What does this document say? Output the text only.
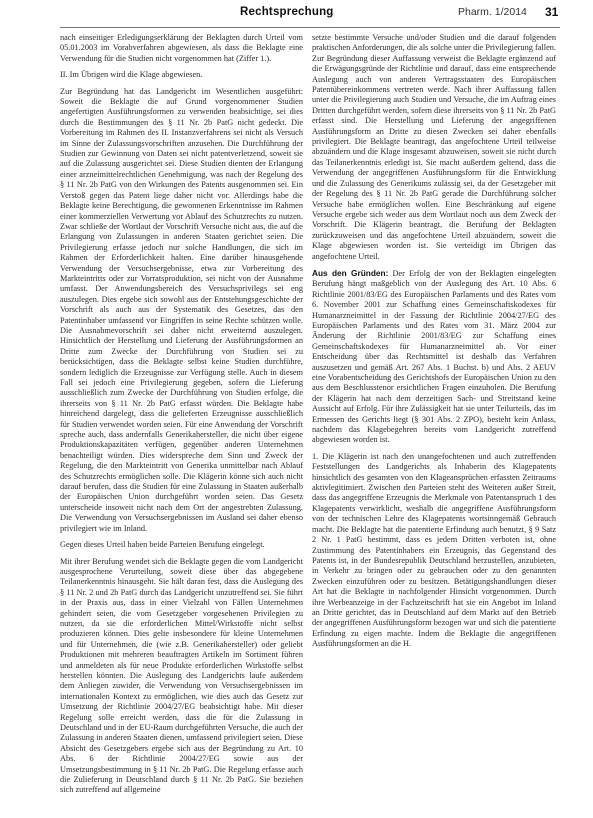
Rechtsprechung	Pharm. 1/2014 31

nach einseitiger Erledigungserklärung der Beklagten durch Urteil vom 05.01.2003 im Vorabverfahren abgewiesen, als dass die Beklagte eine Verwendung für die Studien nicht vorgenommen hat (Ziffer 1.).

II. Im Übrigen wird die Klage abgewiesen.

Zur Begründung hat das Landgericht im Wesentlichen ausgeführt: Soweit die Beklagte die auf Grund vorgenommener Studien angefertigten Ausführungsformen zu verwenden beabsichtige, sei dies durch die Bestimmungen des § 11 Nr. 2b PatG nicht gedeckt. Die Vorbereitung im Rahmen des II. Instanzverfahrens sei nicht als Versuch im Sinne der Zulassungsvorschriften anzusehen. Die Durchführung der Studien zur Gewinnung von Daten sei nicht patentverletzend, soweit sie auf die Zulassung ausgerichtet sei. Diese Studien dienten der Erlangung einer arzneimittelrechtlichen Genehmigung, was nach der Regelung des § 11 Nr. 2b PatG von den Wirkungen des Patents ausgenommen sei. Ein Verstoß gegen das Patent liege daher nicht vor. Allerdings habe die Beklagte keine Berechtigung, die gewonnenen Erkenntnisse im Rahmen einer kommerziellen Verwertung vor Ablauf des Schutzrechts zu nutzen. Zwar schließe der Wortlaut der Vorschrift Versuche nicht aus, die auf die Erlangung von Zulassungen in anderen Staaten gerichtet seien. Die Privilegierung erfasse jedoch nur solche Handlungen, die sich im Rahmen der Erforderlichkeit halten. Eine darüber hinausgehende Verwendung der Versuchsergebnisse, etwa zur Vorbereitung des Markteintritts oder zur Vorratsproduktion, sei nicht von der Ausnahme umfasst. Der Anwendungsbereich des Versuchsprivilegs sei eng auszulegen. Dies ergebe sich sowohl aus der Entstehungsgeschichte der Vorschrift als auch aus der Systematik des Gesetzes, das den Patentinhaber umfassend vor Eingriffen in seine Rechte schützen wolle. Die Ausnahmevorschrift sei daher nicht erweiternd auszulegen. Hinsichtlich der Herstellung und Lieferung der Ausführungsformen an Dritte zum Zwecke der Durchführung von Studien sei zu berücksichtigen, dass die Beklagte selbst keine Studien durchführe, sondern lediglich die Erzeugnisse zur Verfügung stelle. Auch in diesem Fall sei jedoch eine Privilegierung gegeben, sofern die Lieferung ausschließlich zum Zwecke der Durchführung von Studien erfolge, die ihrerseits von § 11 Nr. 2b PatG erfasst würden. Die Beklagte habe hinreichend dargelegt, dass die gelieferten Erzeugnisse ausschließlich für Studien verwendet worden seien. Für eine Anwendung der Vorschrift spreche auch, dass andernfalls Generikahersteller, die nicht über eigene Produktionskapazitäten verfügen, gegenüber anderen Unternehmen benachteiligt würden. Dies widerspreche dem Sinn und Zweck der Regelung, die den Markteintritt von Generika unmittelbar nach Ablauf des Schutzrechts ermöglichen solle. Die Klägerin könne sich auch nicht darauf berufen, dass die Studien für eine Zulassung in Staaten außerhalb der Europäischen Union durchgeführt worden seien. Das Gesetz unterscheide insoweit nicht nach dem Ort der angestrebten Zulassung. Die Verwendung von Versuchsergebnissen im Ausland sei daher ebenso privilegiert wie im Inland.

Gegen dieses Urteil haben beide Parteien Berufung eingelegt.

Mit ihrer Berufung wendet sich die Beklagte gegen die vom Landgericht ausgesprochene Verurteilung, soweit diese über das abgegebene Teilanerkenntnis hinausgeht. Sie hält daran fest, dass die Auslegung des § 11 Nr. 2 und 2b PatG durch das Landgericht unzutreffend sei. Sie führt in der Praxis aus, dass in einer Vielzahl von Fällen Unternehmen gehindert seien, die vom Gesetzgeber vorgesehenen Privilegien zu nutzen, da sie die erforderlichen Mittel/Wirkstoffe nicht selbst produzieren können. Dies gelte insbesondere für kleine Unternehmen und für Unternehmen, die (wie z.B. Generikahersteller) oder geliebt Produktionen mit mehreren beauftragten Artikeln im Sortiment führen und anmeldeten als für neue Produkte erforderlichen Wirkstoffe selbst herstellen könnten. Die Auslegung des Landgerichts laufe außerdem dem Anliegen zuwider, die Verwendung von Versuchsergebnissen im internationalen Kontext zu ermöglichen, wie dies auch das Gesetz zur Umsetzung der Richtlinie 2004/27/EG beabsichtigt habe. Mit dieser Regelung solle erreicht werden, dass die für die Zulassung in Deutschland und in der EU-Raum durchgeführten Versuche, die auch der Zulassung in anderen Staaten dienen, umfassend privilegiert seien. Diese Absicht des Gesetzgebers ergebe sich aus der Begründung zu Art. 10 Abs. 6 der Richtlinie 2004/27/EG sowie aus der Umsetzungsbestimmung in § 11 Nr. 2b PatG. Die Regelung erfasse auch die Zulieferung in Deutschland durch § 11 Nr. 2b PatG. Sie beziehen sich zutreffend auf allgemeine

setzte bestimmte Versuche und/oder Studien und die darauf folgenden praktischen Anforderungen, die als solche unter die Privilegierung fallen. Zur Begründung dieser Auffassung verweist die Beklagte ergänzend auf die Erwägungsgründe der Richtlinie und darauf, dass eine entsprechende Auslegung auch von anderen Vertragsstaaten des Europäischen Patentübereinkommens vertreten werde. Nach ihrer Auffassung fallen unter die Privilegierung auch Studien und Versuche, die im Auftrag eines Dritten durchgeführt werden, sofern diese ihrerseits von § 11 Nr. 2b PatG erfasst sind. Die Herstellung und Lieferung der angegriffenen Ausführungsform an Dritte zu diesen Zwecken sei daher ebenfalls privilegiert. Die Beklagte beantragt, das angefochtene Urteil teilweise abzuändern und die Klage insgesamt abzuweisen, soweit sie nicht durch das Teilanerkenntnis erledigt ist. Sie macht außerdem geltend, dass die Verwendung der angegriffenen Ausführungsform für die Entwicklung und die Zulassung des Generikums zulässig sei, da der Gesetzgeber mit der Regelung des § 11 Nr. 2b PatG gerade die Durchführung solcher Versuche habe ermöglichen wollen. Eine Beschränkung auf eigene Versuche ergebe sich weder aus dem Wortlaut noch aus dem Zweck der Vorschrift. Die Klägerin beantragt, die Berufung der Beklagten zurückzuweisen und das angefochtene Urteil abzuändern, soweit die Klage abgewiesen worden ist. Sie verteidigt im Übrigen das angefochtene Urteil.

Aus den Gründen: Der Erfolg der von der Beklagten eingelegten Berufung hängt maßgeblich von der Auslegung des Art. 10 Abs. 6 Richtlinie 2001/83/EG des Europäischen Parlaments und des Rates vom 6. November 2001 zur Schaffung eines Gemeinschaftskodexes für Humanarzneimittel in der Fassung der Richtlinie 2004/27/EG des Europäischen Parlaments und des Rates vom 31. März 2004 zur Änderung der Richtlinie 2001/83/EG zur Schaffung eines Gemeinschaftskodexes für Humanarzneimittel ab. Vor einer Entscheidung über das Rechtsmittel ist deshalb das Verfahren auszusetzen und gemäß Art. 267 Abs. 1 Buchst. b) und Abs. 2 AEUV eine Vorabentscheidung des Gerichtshofs der Europäischen Union zu den aus dem Beschlusstenor ersichtlichen Fragen einzuholen. Die Berufung der Klägerin hat nach dem derzeitigen Sach- und Streitstand keine Aussicht auf Erfolg. Für ihre Zulässigkeit hat sie unter Teilurteils, das im Ermessen des Gerichts liegt (§ 301 Abs. 2 ZPO), besteht kein Anlass, nachdem das Klagebegehren bereits vom Landgericht zutreffend abgewiesen worden ist.

1. Die Klägerin ist nach den unangefochtenen und auch zutreffenden Feststellungen des Landgerichts als Inhaberin des Klagepatents hinsichtlich des gesamten von den Klageansprüchen erfassten Zeitraums aktivlegitimiert. Zwischen den Parteien steht des Weiteren außer Streit, dass das angegriffene Erzeugnis die Merkmale von Patentanspruch 1 des Klagepatents verwirklicht, weshalb die angegriffene Ausführungsform von der technischen Lehre des Klagepatents wortsinngemäß Gebrauch macht. Die Beklagte hat die patentierte Erfindung auch benutzt, § 9 Satz 2 Nr. 1 PatG bestimmt, dass es jedem Dritten verboten ist, ohne Zustimmung des Patentinhabers ein Erzeugnis, das Gegenstand des Patents ist, in der Bundesrepublik Deutschland herzustellen, anzubieten, in Verkehr zu bringen oder zu gebrauchen oder zu den genannten Zwecken einzuführen oder zu besitzen. Betätigungshandlungen dieser Art hat die Beklagte in nachfolgender Hinsicht vorgenommen. Durch ihre Werbeanzeige in der Fachzeitschrift hat sie ein Angebot im Inland an Dritte gerichtet, das in Deutschland auf dem Markt auf den Betrieb der angegriffenen Ausführungsform bezogen war und sich die patentierte Erfindung zu eigen machte. Indem die Beklagte die angegriffenen Ausführungsformen an die H.
